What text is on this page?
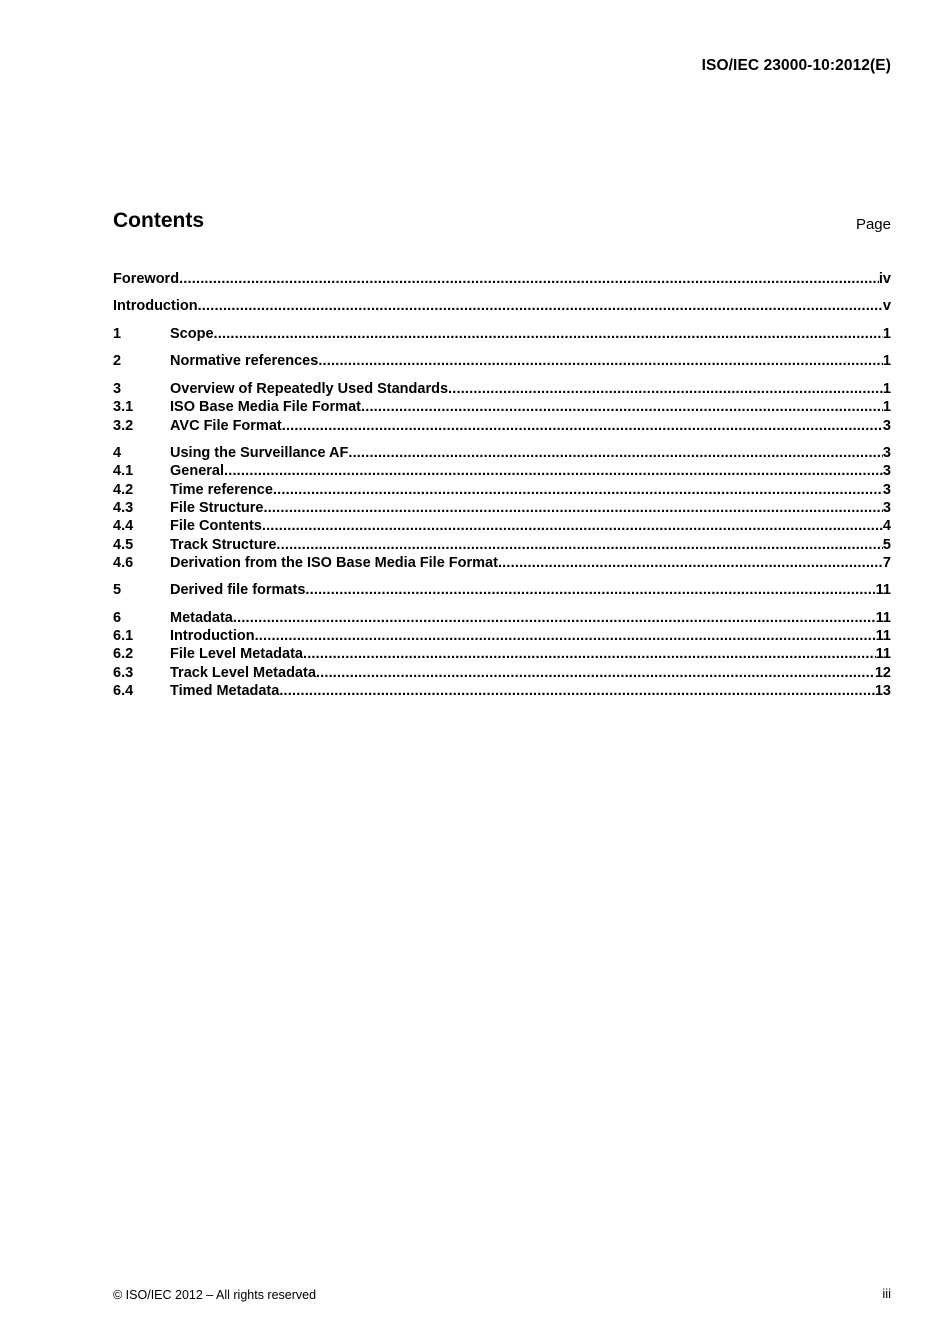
ISO/IEC 23000-10:2012(E)
Contents	Page
Foreword .....	iv
Introduction .....	v
1	Scope .....	1
2	Normative references .....	1
3	Overview of Repeatedly Used Standards .....	1
3.1	ISO Base Media File Format .....	1
3.2	AVC File Format .....	3
4	Using the Surveillance AF .....	3
4.1	General .....	3
4.2	Time reference .....	3
4.3	File Structure .....	3
4.4	File Contents .....	4
4.5	Track Structure .....	5
4.6	Derivation from the ISO Base Media File Format .....	7
5	Derived file formats .....	11
6	Metadata .....	11
6.1	Introduction .....	11
6.2	File Level Metadata .....	11
6.3	Track Level Metadata .....	12
6.4	Timed Metadata .....	13
© ISO/IEC 2012 – All rights reserved	iii
